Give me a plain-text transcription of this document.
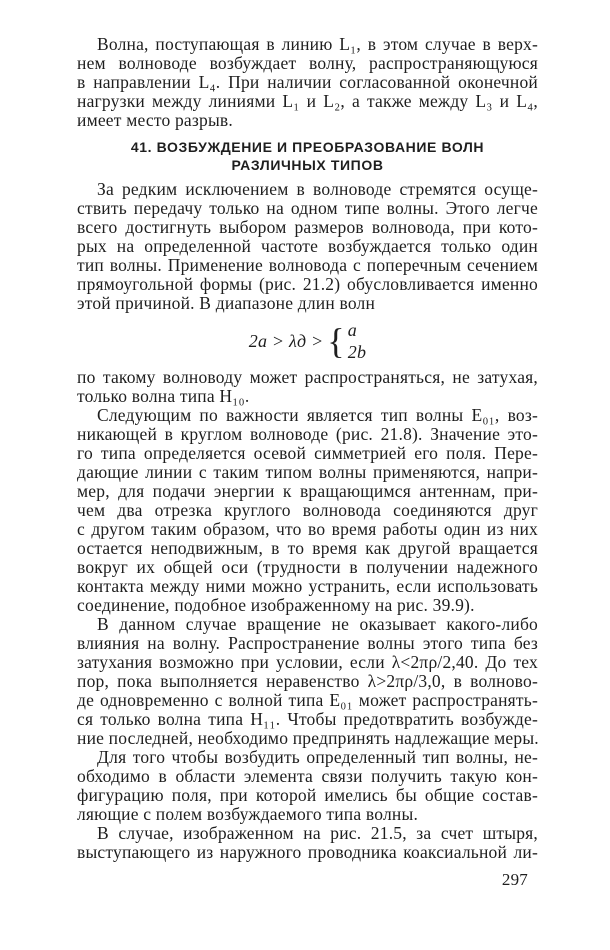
Волна, поступающая в линию L₁, в этом случае в верх-
нем волноводе возбуждает волну, распространяющуюся
в направлении L₄. При наличии согласованной оконечной
нагрузки между линиями L₁ и L₂, а также между L₃ и L₄,
имеет место разрыв.
41. ВОЗБУЖДЕНИЕ И ПРЕОБРАЗОВАНИЕ ВОЛН
РАЗЛИЧНЫХ ТИПОВ
За редким исключением в волноводе стремятся осуще-
ствить передачу только на одном типе волны. Этого легче
всего достигнуть выбором размеров волновода, при кото-
рых на определенной частоте возбуждается только один
тип волны. Применение волновода с поперечным сечением
прямоугольной формы (рис. 21.2) обусловливается именно
этой причиной. В диапазоне длин волн
2a > λд > { a
2b
по такому волноводу может распространяться, не затухая,
только волна типа H₁₀.
Следующим по важности является тип волны E₀₁, воз-
никающей в круглом волноводе (рис. 21.8). Значение это-
го типа определяется осевой симметрией его поля. Пере-
дающие линии с таким типом волны применяются, напри-
мер, для подачи энергии к вращающимся антеннам, при-
чем два отрезка круглого волновода соединяются друг
с другом таким образом, что во время работы один из них
остается неподвижным, в то время как другой вращается
вокруг их общей оси (трудности в получении надежного
контакта между ними можно устранить, если использовать
соединение, подобное изображенному на рис. 39.9).
В данном случае вращение не оказывает какого-либо
влияния на волну. Распространение волны этого типа без
затухания возможно при условии, если λ<2πρ/2,40. До тех
пор, пока выполняется неравенство λ>2πρ/3,0, в волново-
де одновременно с волной типа E₀₁ может распространять-
ся только волна типа H₁₁. Чтобы предотвратить возбужде-
ние последней, необходимо предпринять надлежащие меры.
Для того чтобы возбудить определенный тип волны, не-
обходимо в области элемента связи получить такую кон-
фигурацию поля, при которой имелись бы общие состав-
ляющие с полем возбуждаемого типа волны.
В случае, изображенном на рис. 21.5, за счет штыря,
выступающего из наружного проводника коаксиальной ли-
297
